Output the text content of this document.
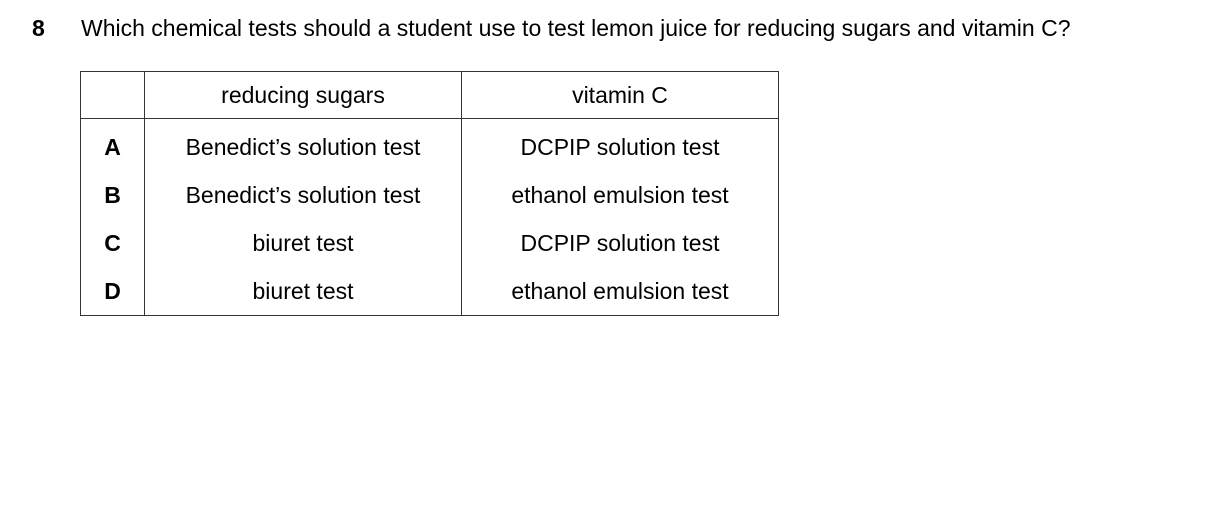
8 Which chemical tests should a student use to test lemon juice for reducing sugars and vitamin C?
	reducing sugars	vitamin C
A	Benedict’s solution test	DCPIP solution test
B	Benedict’s solution test	ethanol emulsion test
C	biuret test	DCPIP solution test
D	biuret test	ethanol emulsion test
